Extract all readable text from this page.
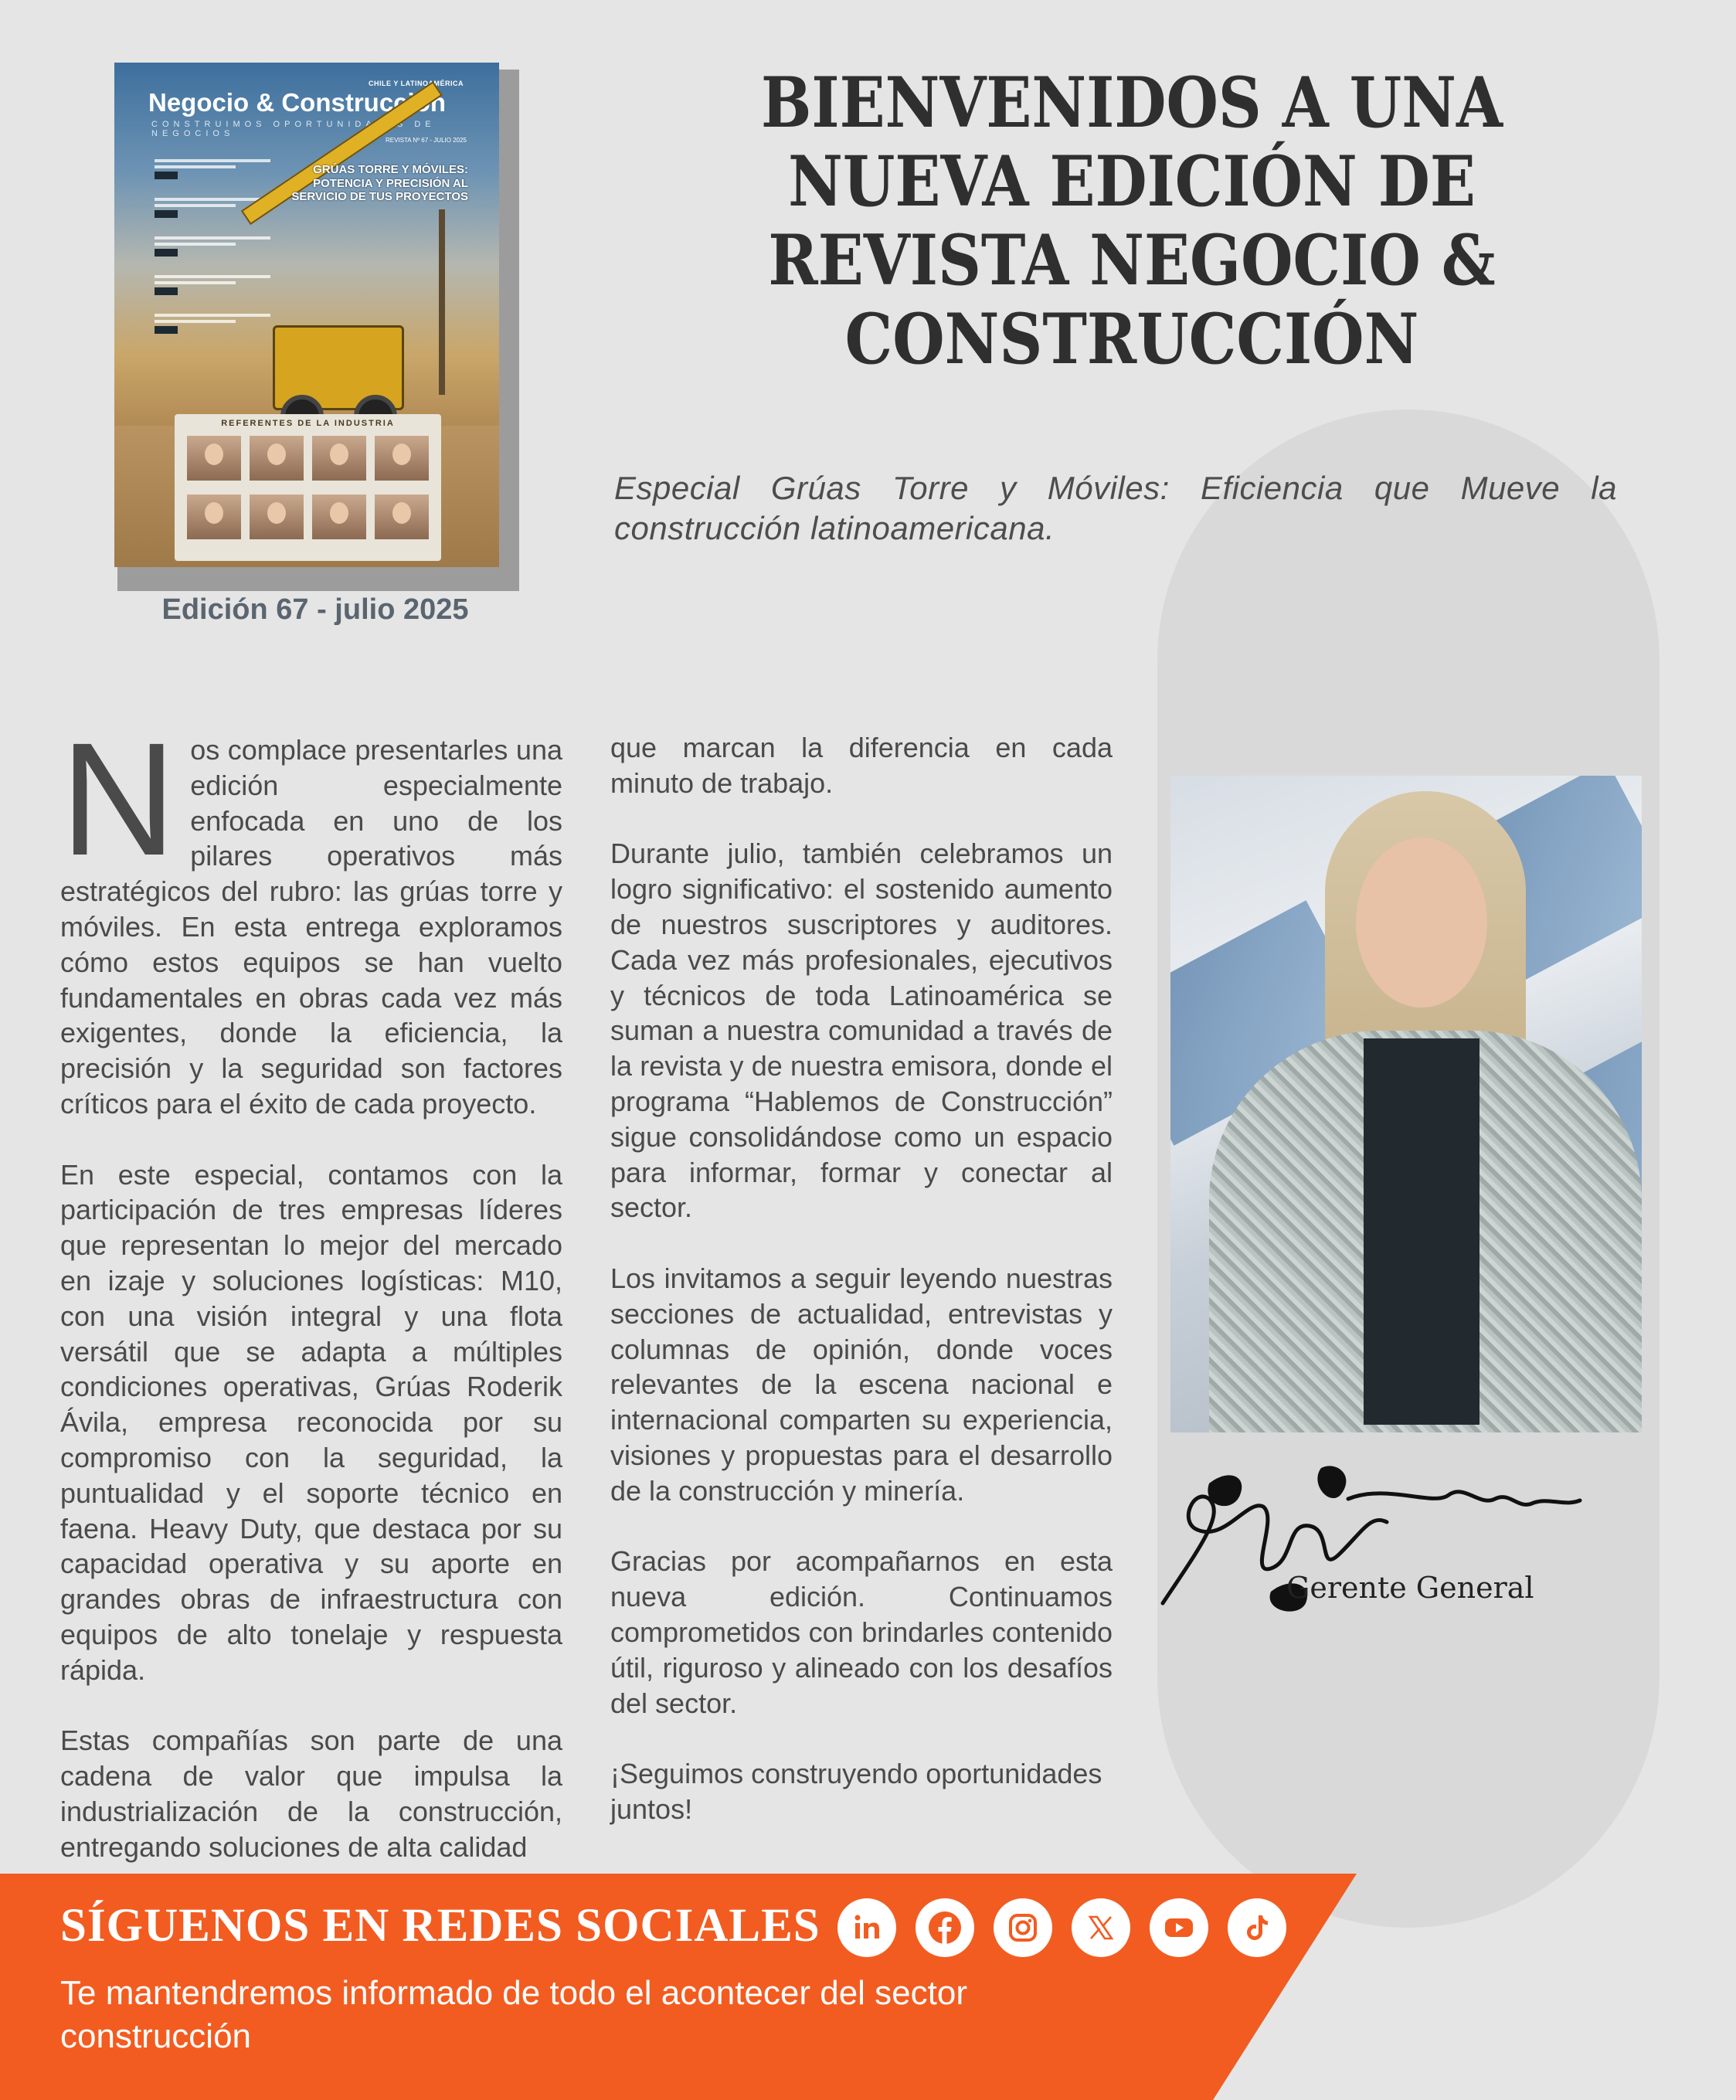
CHILE Y LATINOAMÉRICA
Negocio & Construcción
CONSTRUIMOS OPORTUNIDADES DE NEGOCIOS
REVISTA Nº 67 - JULIO 2025
GRÚAS TORRE Y MÓVILES: POTENCIA Y PRECISIÓN AL SERVICIO DE TUS PROYECTOS
REFERENTES DE LA INDUSTRIA
Edición 67 - julio 2025
BIENVENIDOS A UNA NUEVA EDICIÓN DE REVISTA NEGOCIO & CONSTRUCCIÓN
Especial Grúas Torre y Móviles: Eficiencia que Mueve la construcción latinoamericana.

Nos complace presentarles una edición especialmente enfocada en uno de los pilares operativos más estratégicos del rubro: las grúas torre y móviles. En esta entrega exploramos cómo estos equipos se han vuelto fundamentales en obras cada vez más exigentes, donde la eficiencia, la precisión y la seguridad son factores críticos para el éxito de cada proyecto.

En este especial, contamos con la participación de tres empresas líderes que representan lo mejor del mercado en izaje y soluciones logísticas: M10, con una visión integral y una flota versátil que se adapta a múltiples condiciones operativas, Grúas Roderik Ávila, empresa reconocida por su compromiso con la seguridad, la puntualidad y el soporte técnico en faena. Heavy Duty, que destaca por su capacidad operativa y su aporte en grandes obras de infraestructura con equipos de alto tonelaje y respuesta rápida.

Estas compañías son parte de una cadena de valor que impulsa la industrialización de la construcción, entregando soluciones de alta calidad

que marcan la diferencia en cada minuto de trabajo.

Durante julio, también celebramos un logro significativo: el sostenido aumento de nuestros suscriptores y auditores. Cada vez más profesionales, ejecutivos y técnicos de toda Latinoamérica se suman a nuestra comunidad a través de la revista y de nuestra emisora, donde el programa “Hablemos de Construcción” sigue consolidándose como un espacio para informar, formar y conectar al sector.

Los invitamos a seguir leyendo nuestras secciones de actualidad, entrevistas y columnas de opinión, donde voces relevantes de la escena nacional e internacional comparten su experiencia, visiones y propuestas para el desarrollo de la construcción y minería.

Gracias por acompañarnos en esta nueva edición. Continuamos comprometidos con brindarles contenido útil, riguroso y alineado con los desafíos del sector.

¡Seguimos construyendo oportunidades juntos!

Gerente General
SÍGUENOS EN REDES SOCIALES
Te mantendremos informado de todo el acontecer del sector construcción
